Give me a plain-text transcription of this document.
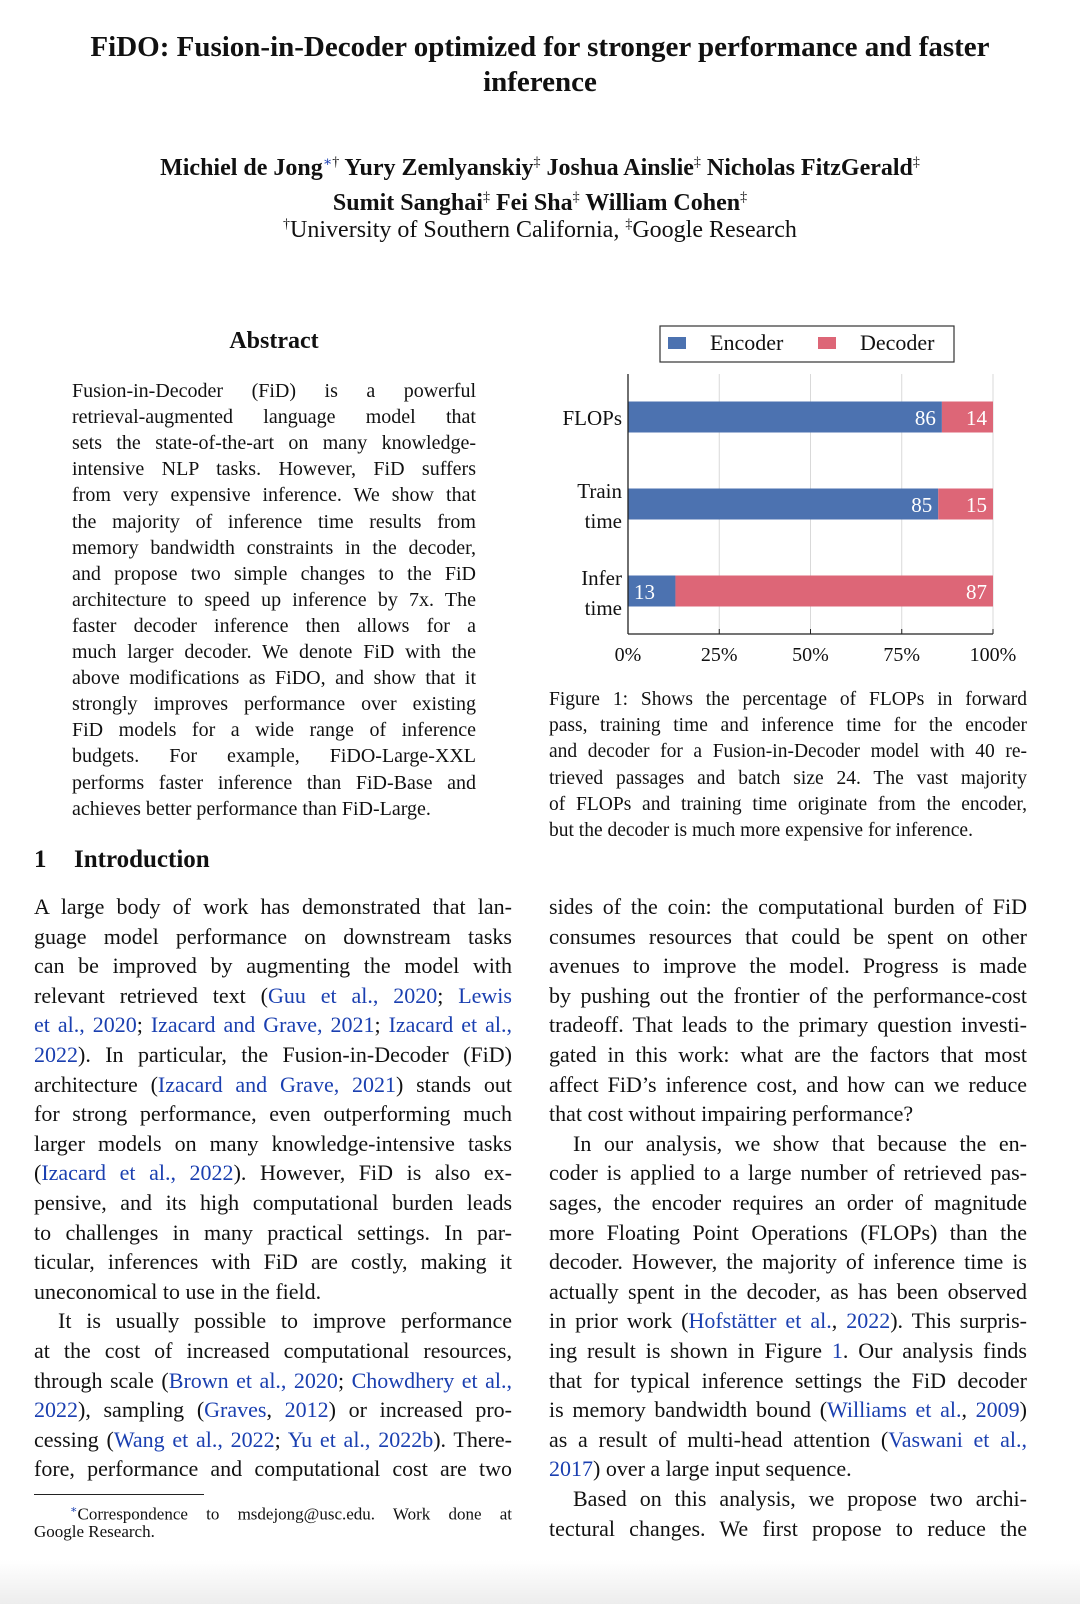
FiDO: Fusion-in-Decoder optimized for stronger performance and faster
inference
Michiel de Jong∗† Yury Zemlyanskiy‡ Joshua Ainslie‡ Nicholas FitzGerald‡
Sumit Sanghai‡ Fei Sha‡ William Cohen‡
†University of Southern California, ‡Google Research
Abstract
Fusion-in-Decoder (FiD) is a powerful
retrieval-augmented language model that
sets the state-of-the-art on many knowledge-
intensive NLP tasks. However, FiD suffers
from very expensive inference. We show that
the majority of inference time results from
memory bandwidth constraints in the decoder,
and propose two simple changes to the FiD
architecture to speed up inference by 7x. The
faster decoder inference then allows for a
much larger decoder. We denote FiD with the
above modifications as FiDO, and show that it
strongly improves performance over existing
FiD models for a wide range of inference
budgets. For example, FiDO-Large-XXL
performs faster inference than FiD-Base and
achieves better performance than FiD-Large.
Encoder	Decoder
86 14
FLOPs
85 15
Train
time
13	87
Infer
time
0%	25%	50%	75% 100%
Figure 1: Shows the percentage of FLOPs in forward
pass, training time and inference time for the encoder
and decoder for a Fusion-in-Decoder model with 40 re-
trieved passages and batch size 24. The vast majority
of FLOPs and training time originate from the encoder,
but the decoder is much more expensive for inference.
1 Introduction
A large body of work has demonstrated that lan-
guage model performance on downstream tasks
can be improved by augmenting the model with
relevant retrieved text (Guu et al., 2020; Lewis
et al., 2020; Izacard and Grave, 2021; Izacard et al.,
2022). In particular, the Fusion-in-Decoder (FiD)
architecture (Izacard and Grave, 2021) stands out
for strong performance, even outperforming much
larger models on many knowledge-intensive tasks
(Izacard et al., 2022). However, FiD is also ex-
pensive, and its high computational burden leads
to challenges in many practical settings. In par-
ticular, inferences with FiD are costly, making it
uneconomical to use in the field.
It is usually possible to improve performance
at the cost of increased computational resources,
through scale (Brown et al., 2020; Chowdhery et al.,
2022), sampling (Graves, 2012) or increased pro-
cessing (Wang et al., 2022; Yu et al., 2022b). There-
fore, performance and computational cost are two
sides of the coin: the computational burden of FiD
consumes resources that could be spent on other
avenues to improve the model. Progress is made
by pushing out the frontier of the performance-cost
tradeoff. That leads to the primary question investi-
gated in this work: what are the factors that most
affect FiD’s inference cost, and how can we reduce
that cost without impairing performance?
In our analysis, we show that because the en-
coder is applied to a large number of retrieved pas-
sages, the encoder requires an order of magnitude
more Floating Point Operations (FLOPs) than the
decoder. However, the majority of inference time is
actually spent in the decoder, as has been observed
in prior work (Hofstätter et al., 2022). This surpris-
ing result is shown in Figure 1. Our analysis finds
that for typical inference settings the FiD decoder
is memory bandwidth bound (Williams et al., 2009)
as a result of multi-head attention (Vaswani et al.,
2017) over a large input sequence.
Based on this analysis, we propose two archi-
tectural changes. We first propose to reduce the
∗Correspondence to msdejong@usc.edu. Work done at
Google Research.
